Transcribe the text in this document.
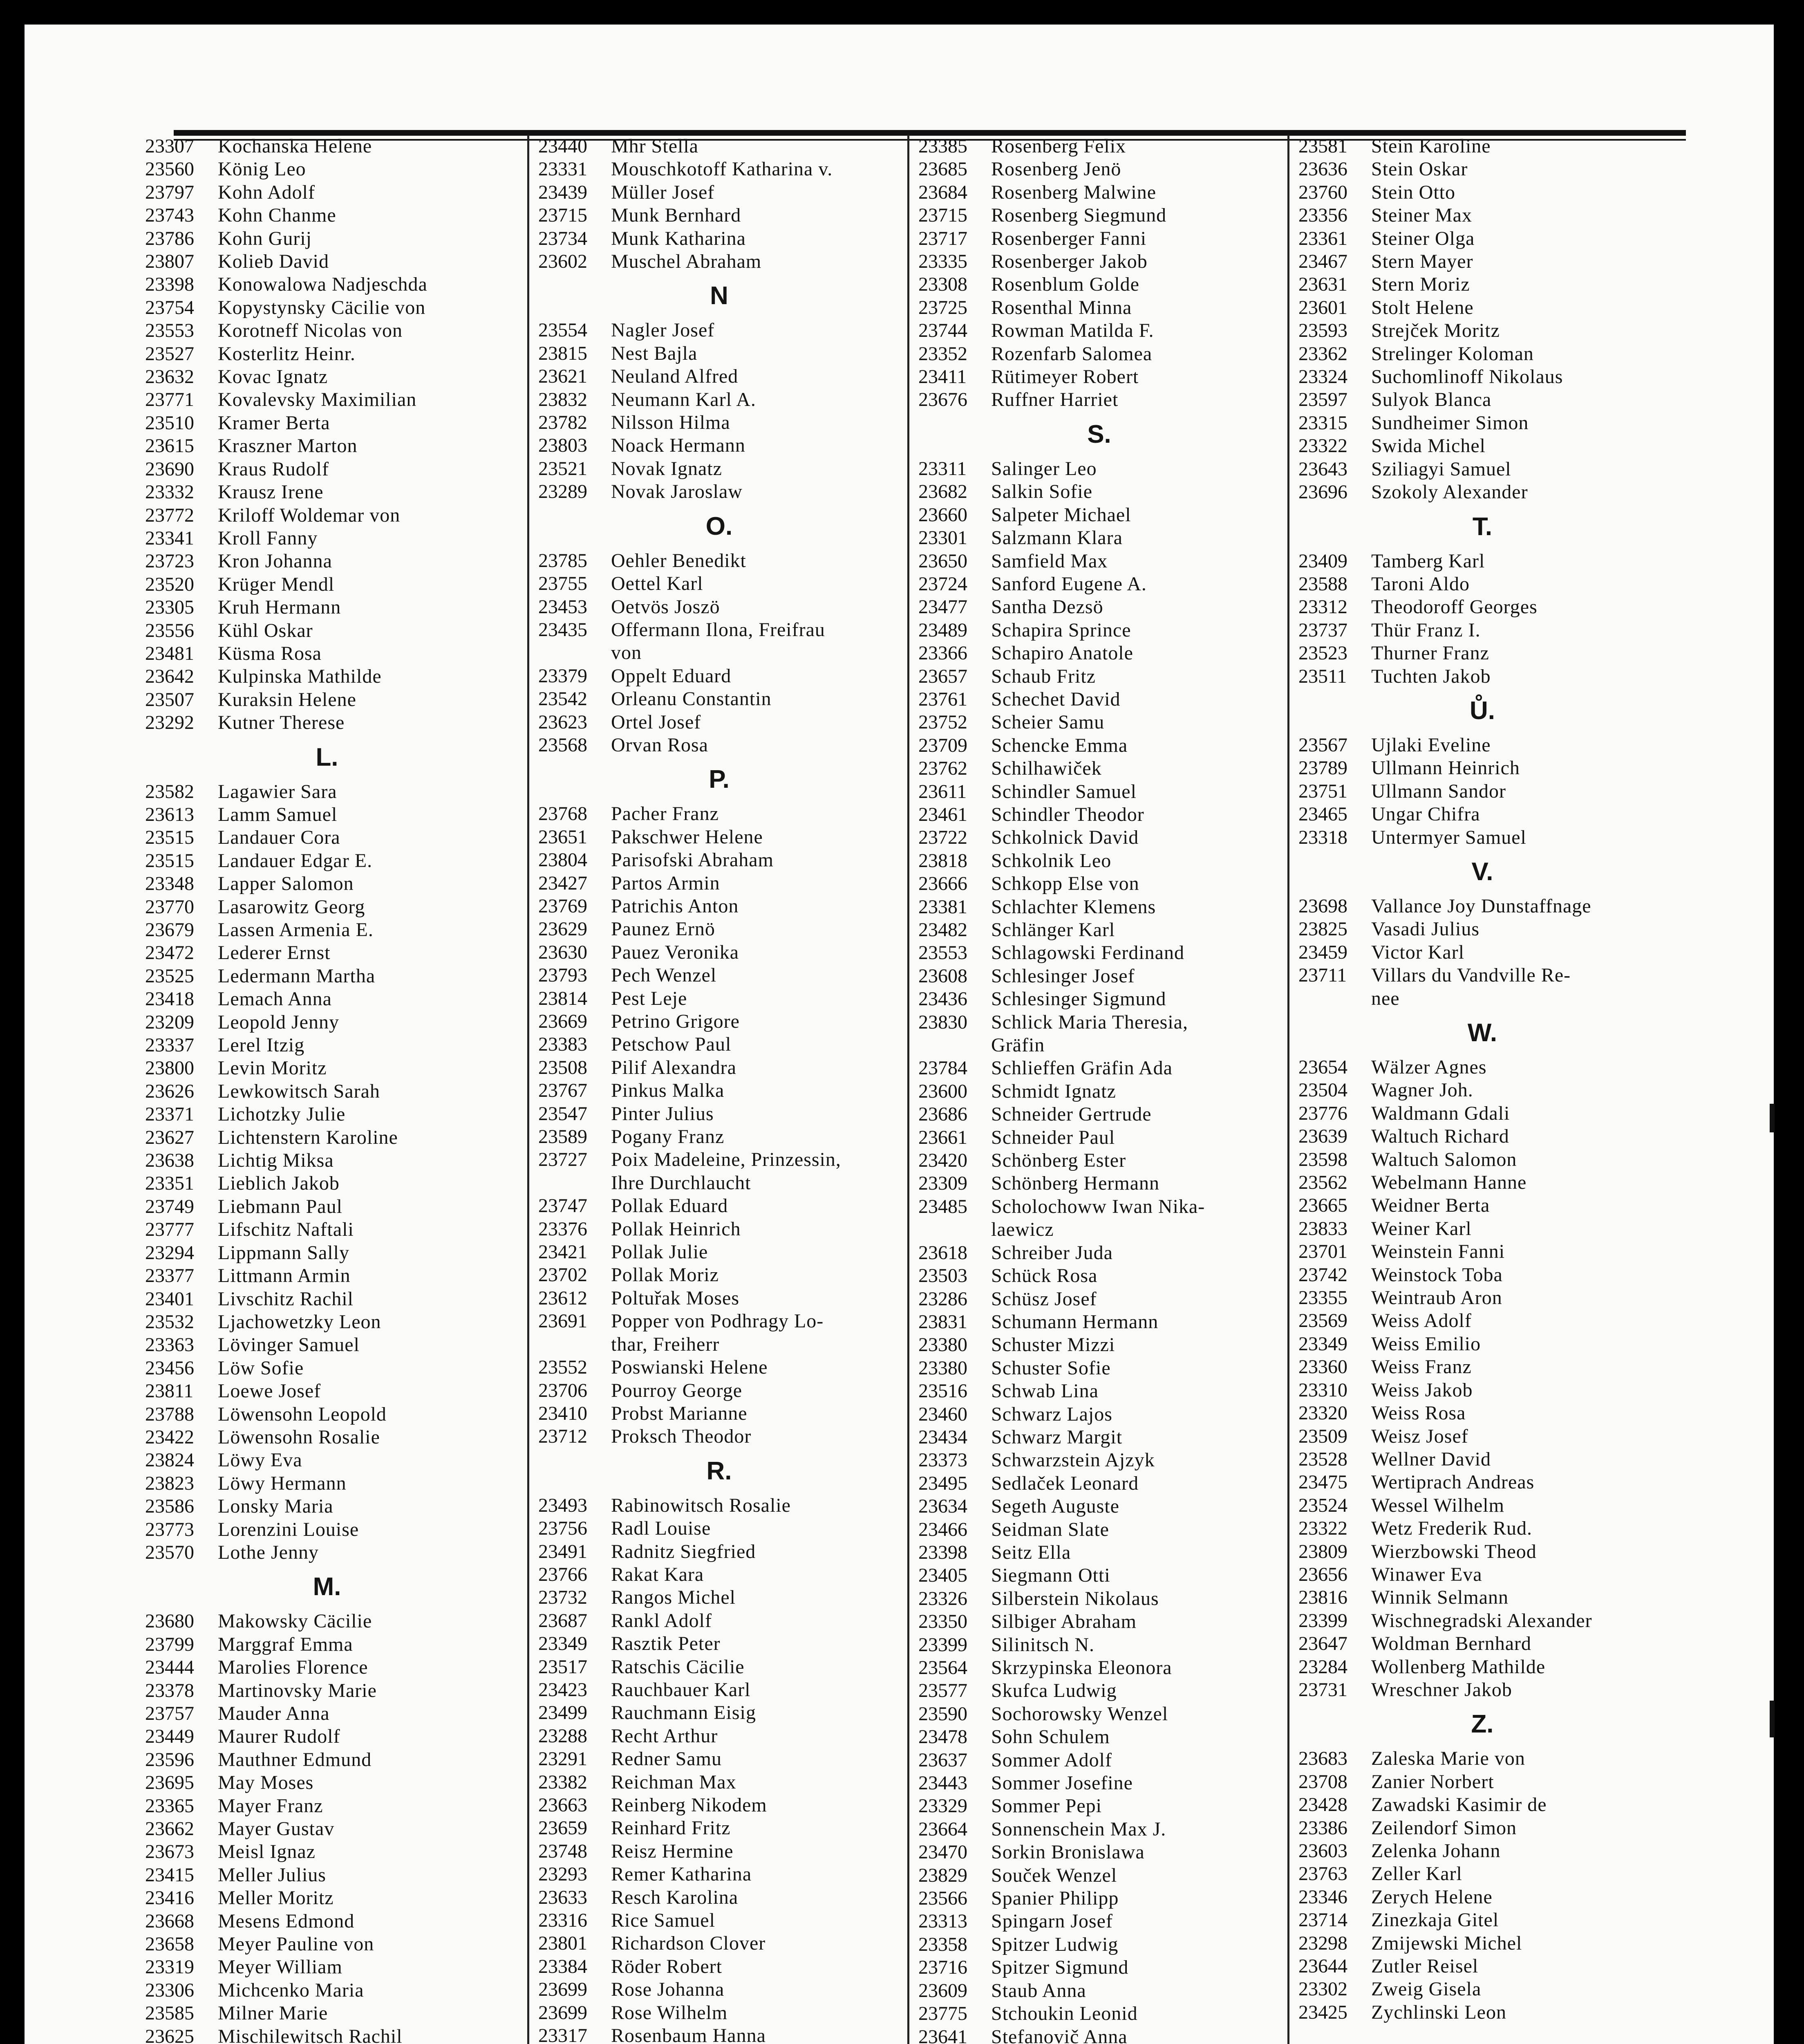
23307	Kochanska Helene
23560	König Leo
23797	Kohn Adolf
23743	Kohn Chanme
23786	Kohn Gurij
23807	Kolieb David
23398	Konowalowa Nadjeschda
23754	Kopystynsky Cäcilie von
23553	Korotneff Nicolas von
23527	Kosterlitz Heinr.
23632	Kovac Ignatz
23771	Kovalevsky Maximilian
23510	Kramer Berta
23615	Kraszner Marton
23690	Kraus Rudolf
23332	Krausz Irene
23772	Kriloff Woldemar von
23341	Kroll Fanny
23723	Kron Johanna
23520	Krüger Mendl
23305	Kruh Hermann
23556	Kühl Oskar
23481	Küsma Rosa
23642	Kulpinska Mathilde
23507	Kuraksin Helene
23292	Kutner Therese
L.
23582	Lagawier Sara
23613	Lamm Samuel
23515	Landauer Cora
23515	Landauer Edgar E.
23348	Lapper Salomon
23770	Lasarowitz Georg
23679	Lassen Armenia E.
23472	Lederer Ernst
23525	Ledermann Martha
23418	Lemach Anna
23209	Leopold Jenny
23337	Lerel Itzig
23800	Levin Moritz
23626	Lewkowitsch Sarah
23371	Lichotzky Julie
23627	Lichtenstern Karoline
23638	Lichtig Miksa
23351	Lieblich Jakob
23749	Liebmann Paul
23777	Lifschitz Naftali
23294	Lippmann Sally
23377	Littmann Armin
23401	Livschitz Rachil
23532	Ljachowetzky Leon
23363	Lövinger Samuel
23456	Löw Sofie
23811	Loewe Josef
23788	Löwensohn Leopold
23422	Löwensohn Rosalie
23824	Löwy Eva
23823	Löwy Hermann
23586	Lonsky Maria
23773	Lorenzini Louise
23570	Lothe Jenny
M.
23680	Makowsky Cäcilie
23799	Marggraf Emma
23444	Marolies Florence
23378	Martinovsky Marie
23757	Mauder Anna
23449	Maurer Rudolf
23596	Mauthner Edmund
23695	May Moses
23365	Mayer Franz
23662	Mayer Gustav
23673	Meisl Ignaz
23415	Meller Julius
23416	Meller Moritz
23668	Mesens Edmond
23658	Meyer Pauline von
23319	Meyer William
23306	Michcenko Maria
23585	Milner Marie
23625	Mischilewitsch Rachil
23440	Mhr Stella
23331	Mouschkotoff Katharina v.
23439	Müller Josef
23715	Munk Bernhard
23734	Munk Katharina
23602	Muschel Abraham
N
23554	Nagler Josef
23815	Nest Bajla
23621	Neuland Alfred
23832	Neumann Karl A.
23782	Nilsson Hilma
23803	Noack Hermann
23521	Novak Ignatz
23289	Novak Jaroslaw
O.
23785	Oehler Benedikt
23755	Oettel Karl
23453	Oetvös Joszö
23435	Offermann Ilona, Freifrau
von
23379	Oppelt Eduard
23542	Orleanu Constantin
23623	Ortel Josef
23568	Orvan Rosa
P.
23768	Pacher Franz
23651	Pakschwer Helene
23804	Parisofski Abraham
23427	Partos Armin
23769	Patrichis Anton
23629	Paunez Ernö
23630	Pauez Veronika
23793	Pech Wenzel
23814	Pest Leje
23669	Petrino Grigore
23383	Petschow Paul
23508	Pilif Alexandra
23767	Pinkus Malka
23547	Pinter Julius
23589	Pogany Franz
23727	Poix Madeleine, Prinzessin,
Ihre Durchlaucht
23747	Pollak Eduard
23376	Pollak Heinrich
23421	Pollak Julie
23702	Pollak Moriz
23612	Poltuřak Moses
23691	Popper von Podhragy Lo-
thar, Freiherr
23552	Poswianski Helene
23706	Pourroy George
23410	Probst Marianne
23712	Proksch Theodor
R.
23493	Rabinowitsch Rosalie
23756	Radl Louise
23491	Radnitz Siegfried
23766	Rakat Kara
23732	Rangos Michel
23687	Rankl Adolf
23349	Rasztik Peter
23517	Ratschis Cäcilie
23423	Rauchbauer Karl
23499	Rauchmann Eisig
23288	Recht Arthur
23291	Redner Samu
23382	Reichman Max
23663	Reinberg Nikodem
23659	Reinhard Fritz
23748	Reisz Hermine
23293	Remer Katharina
23633	Resch Karolina
23316	Rice Samuel
23801	Richardson Clover
23384	Röder Robert
23699	Rose Johanna
23699	Rose Wilhelm
23317	Rosenbaum Hanna
23385	Rosenberg Felix
23685	Rosenberg Jenö
23684	Rosenberg Malwine
23715	Rosenberg Siegmund
23717	Rosenberger Fanni
23335	Rosenberger Jakob
23308	Rosenblum Golde
23725	Rosenthal Minna
23744	Rowman Matilda F.
23352	Rozenfarb Salomea
23411	Rütimeyer Robert
23676	Ruffner Harriet
S.
23311	Salinger Leo
23682	Salkin Sofie
23660	Salpeter Michael
23301	Salzmann Klara
23650	Samfield Max
23724	Sanford Eugene A.
23477	Santha Dezsö
23489	Schapira Sprince
23366	Schapiro Anatole
23657	Schaub Fritz
23761	Schechet David
23752	Scheier Samu
23709	Schencke Emma
23762	Schilhawiček
23611	Schindler Samuel
23461	Schindler Theodor
23722	Schkolnick David
23818	Schkolnik Leo
23666	Schkopp Else von
23381	Schlachter Klemens
23482	Schlänger Karl
23553	Schlagowski Ferdinand
23608	Schlesinger Josef
23436	Schlesinger Sigmund
23830	Schlick Maria Theresia,
Gräfin
23784	Schlieffen Gräfin Ada
23600	Schmidt Ignatz
23686	Schneider Gertrude
23661	Schneider Paul
23420	Schönberg Ester
23309	Schönberg Hermann
23485	Scholochoww Iwan Nika-
laewicz
23618	Schreiber Juda
23503	Schück Rosa
23286	Schüsz Josef
23831	Schumann Hermann
23380	Schuster Mizzi
23380	Schuster Sofie
23516	Schwab Lina
23460	Schwarz Lajos
23434	Schwarz Margit
23373	Schwarzstein Ajzyk
23495	Sedlaček Leonard
23634	Segeth Auguste
23466	Seidman Slate
23398	Seitz Ella
23405	Siegmann Otti
23326	Silberstein Nikolaus
23350	Silbiger Abraham
23399	Silinitsch N.
23564	Skrzypinska Eleonora
23577	Skufca Ludwig
23590	Sochorowsky Wenzel
23478	Sohn Schulem
23637	Sommer Adolf
23443	Sommer Josefine
23329	Sommer Pepi
23664	Sonnenschein Max J.
23470	Sorkin Bronislawa
23829	Souček Wenzel
23566	Spanier Philipp
23313	Spingarn Josef
23358	Spitzer Ludwig
23716	Spitzer Sigmund
23609	Staub Anna
23775	Stchoukin Leonid
23641	Stefanovič Anna
23581	Stein Karoline
23636	Stein Oskar
23760	Stein Otto
23356	Steiner Max
23361	Steiner Olga
23467	Stern Mayer
23631	Stern Moriz
23601	Stolt Helene
23593	Strejček Moritz
23362	Strelinger Koloman
23324	Suchomlinoff Nikolaus
23597	Sulyok Blanca
23315	Sundheimer Simon
23322	Swida Michel
23643	Sziliagyi Samuel
23696	Szokoly Alexander
T.
23409	Tamberg Karl
23588	Taroni Aldo
23312	Theodoroff Georges
23737	Thür Franz I.
23523	Thurner Franz
23511	Tuchten Jakob
Ů.
23567	Ujlaki Eveline
23789	Ullmann Heinrich
23751	Ullmann Sandor
23465	Ungar Chifra
23318	Untermyer Samuel
V.
23698	Vallance Joy Dunstaffnage
23825	Vasadi Julius
23459	Victor Karl
23711	Villars du Vandville Re-
nee
W.
23654	Wälzer Agnes
23504	Wagner Joh.
23776	Waldmann Gdali
23639	Waltuch Richard
23598	Waltuch Salomon
23562	Webelmann Hanne
23665	Weidner Berta
23833	Weiner Karl
23701	Weinstein Fanni
23742	Weinstock Toba
23355	Weintraub Aron
23569	Weiss Adolf
23349	Weiss Emilio
23360	Weiss Franz
23310	Weiss Jakob
23320	Weiss Rosa
23509	Weisz Josef
23528	Wellner David
23475	Wertiprach Andreas
23524	Wessel Wilhelm
23322	Wetz Frederik Rud.
23809	Wierzbowski Theod
23656	Winawer Eva
23816	Winnik Selmann
23399	Wischnegradski Alexander
23647	Woldman Bernhard
23284	Wollenberg Mathilde
23731	Wreschner Jakob
Z.
23683	Zaleska Marie von
23708	Zanier Norbert
23428	Zawadski Kasimir de
23386	Zeilendorf Simon
23603	Zelenka Johann
23763	Zeller Karl
23346	Zerych Helene
23714	Zinezkaja Gitel
23298	Zmijewski Michel
23644	Zutler Reisel
23302	Zweig Gisela
23425	Zychlinski Leon
